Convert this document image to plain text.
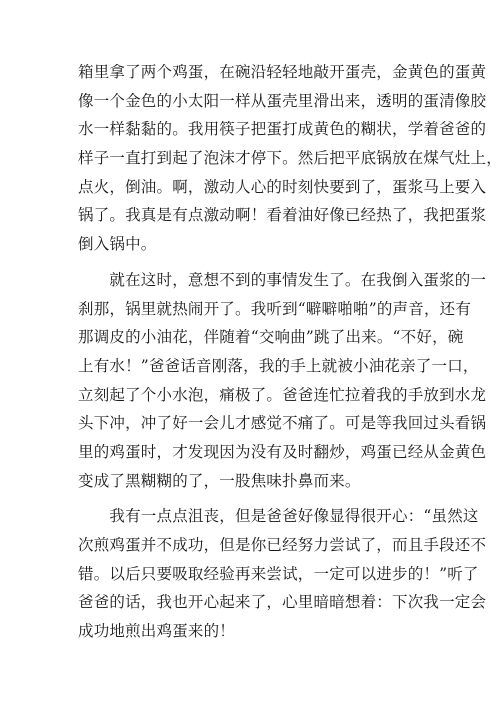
箱里拿了两个鸡蛋，在碗沿轻轻地敲开蛋壳，金黄色的蛋黄
像一个金色的小太阳一样从蛋壳里滑出来，透明的蛋清像胶
水一样黏黏的。我用筷子把蛋打成黄色的糊状，学着爸爸的
样子一直打到起了泡沫才停下。然后把平底锅放在煤气灶上，
点火，倒油。啊，激动人心的时刻快要到了，蛋浆马上要入
锅了。我真是有点激动啊！看着油好像已经热了，我把蛋浆
倒入锅中。
　　就在这时，意想不到的事情发生了。在我倒入蛋浆的一
刹那，锅里就热闹开了。我听到“噼噼啪啪”的声音，还有
那调皮的小油花，伴随着“交响曲”跳了出来。“不好，碗
上有水！”爸爸话音刚落，我的手上就被小油花亲了一口，
立刻起了个小水泡，痛极了。爸爸连忙拉着我的手放到水龙
头下冲，冲了好一会儿才感觉不痛了。可是等我回过头看锅
里的鸡蛋时，才发现因为没有及时翻炒，鸡蛋已经从金黄色
变成了黑糊糊的了，一股焦味扑鼻而来。
　　我有一点点沮丧，但是爸爸好像显得很开心：“虽然这
次煎鸡蛋并不成功，但是你已经努力尝试了，而且手段还不
错。以后只要吸取经验再来尝试，一定可以进步的！”听了
爸爸的话，我也开心起来了，心里暗暗想着：下次我一定会
成功地煎出鸡蛋来的！
